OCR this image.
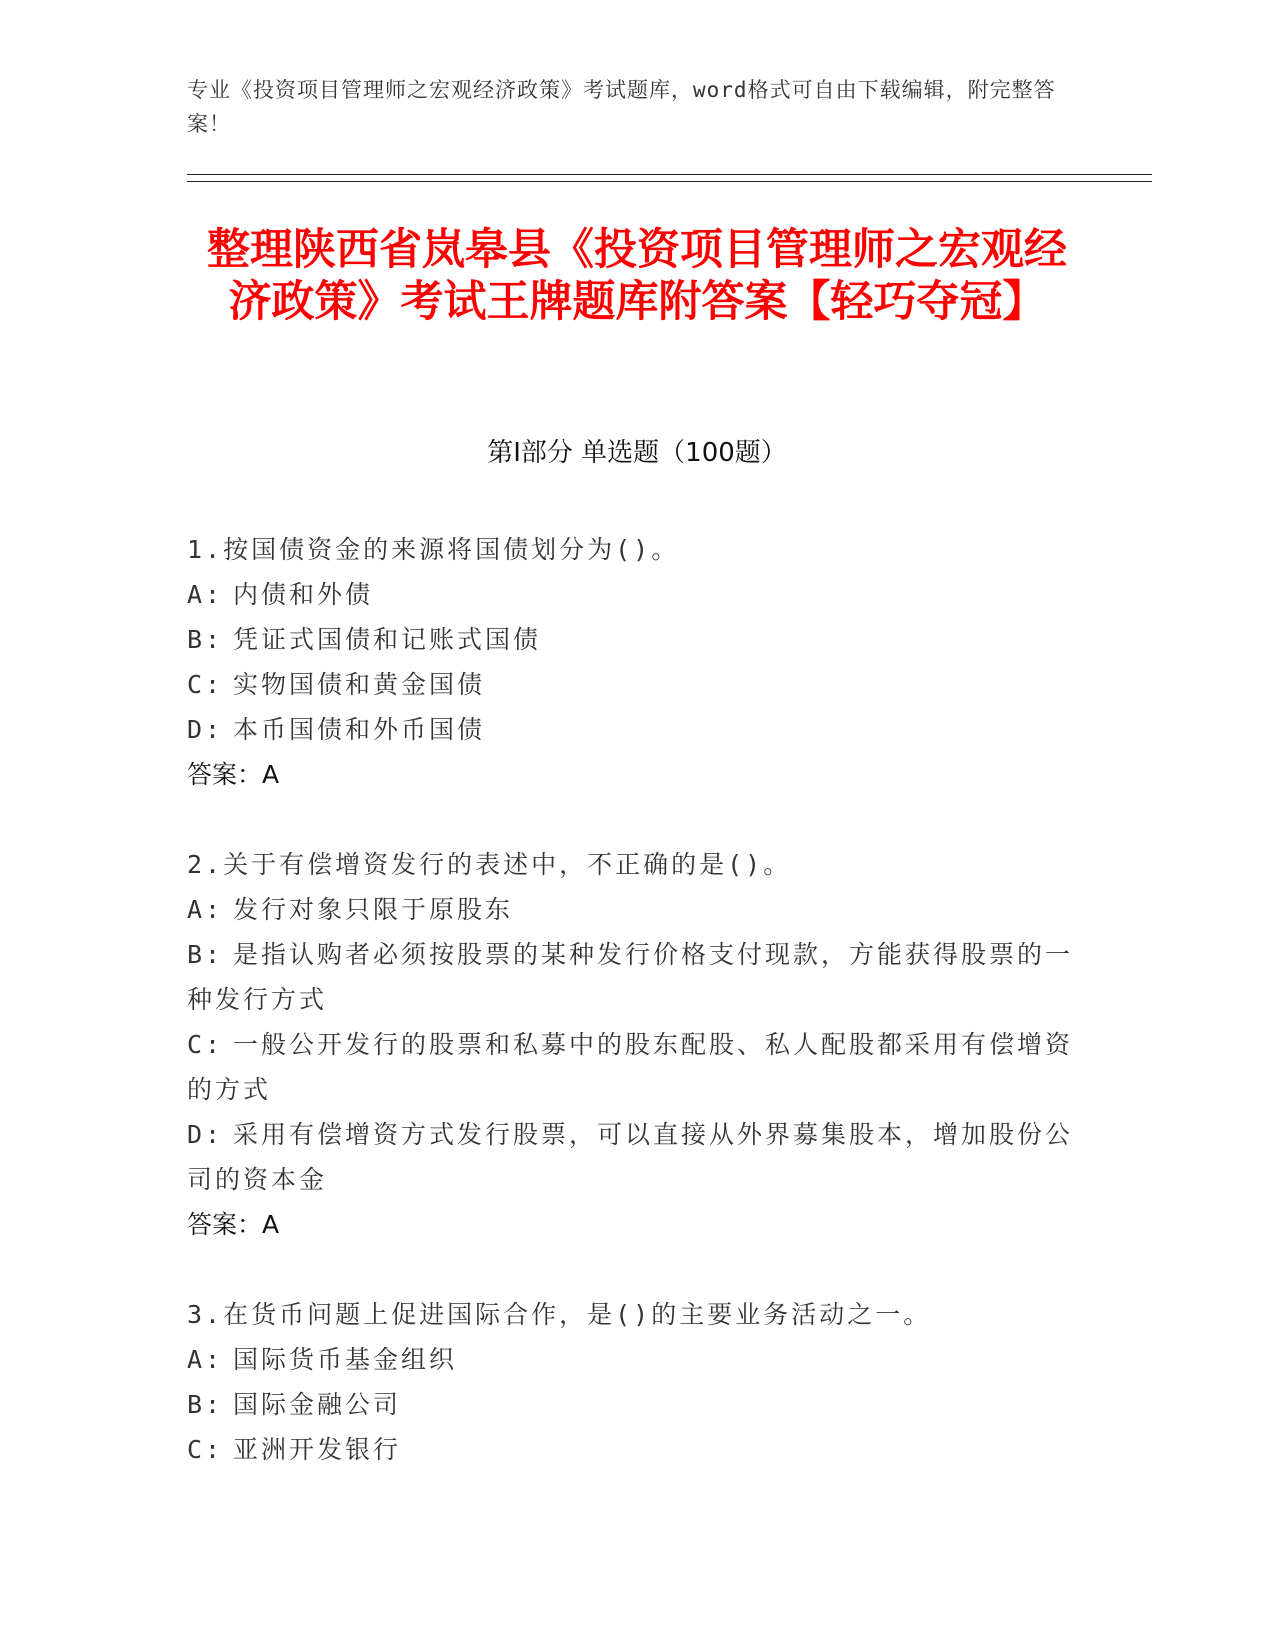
专业《投资项目管理师之宏观经济政策》考试题库，word格式可自由下载编辑，附完整答案！
整理陕西省岚皋县《投资项目管理师之宏观经济政策》考试王牌题库附答案【轻巧夺冠】
第I部分 单选题（100题）
1.按国债资金的来源将国债划分为()。
A: 内债和外债
B: 凭证式国债和记账式国债
C: 实物国债和黄金国债
D: 本币国债和外币国债
答案：A
2.关于有偿增资发行的表述中，不正确的是()。
A: 发行对象只限于原股东
B: 是指认购者必须按股票的某种发行价格支付现款，方能获得股票的一种发行方式
C: 一般公开发行的股票和私募中的股东配股、私人配股都采用有偿增资的方式
D: 采用有偿增资方式发行股票，可以直接从外界募集股本，增加股份公司的资本金
答案：A
3.在货币问题上促进国际合作，是()的主要业务活动之一。
A: 国际货币基金组织
B: 国际金融公司
C: 亚洲开发银行
